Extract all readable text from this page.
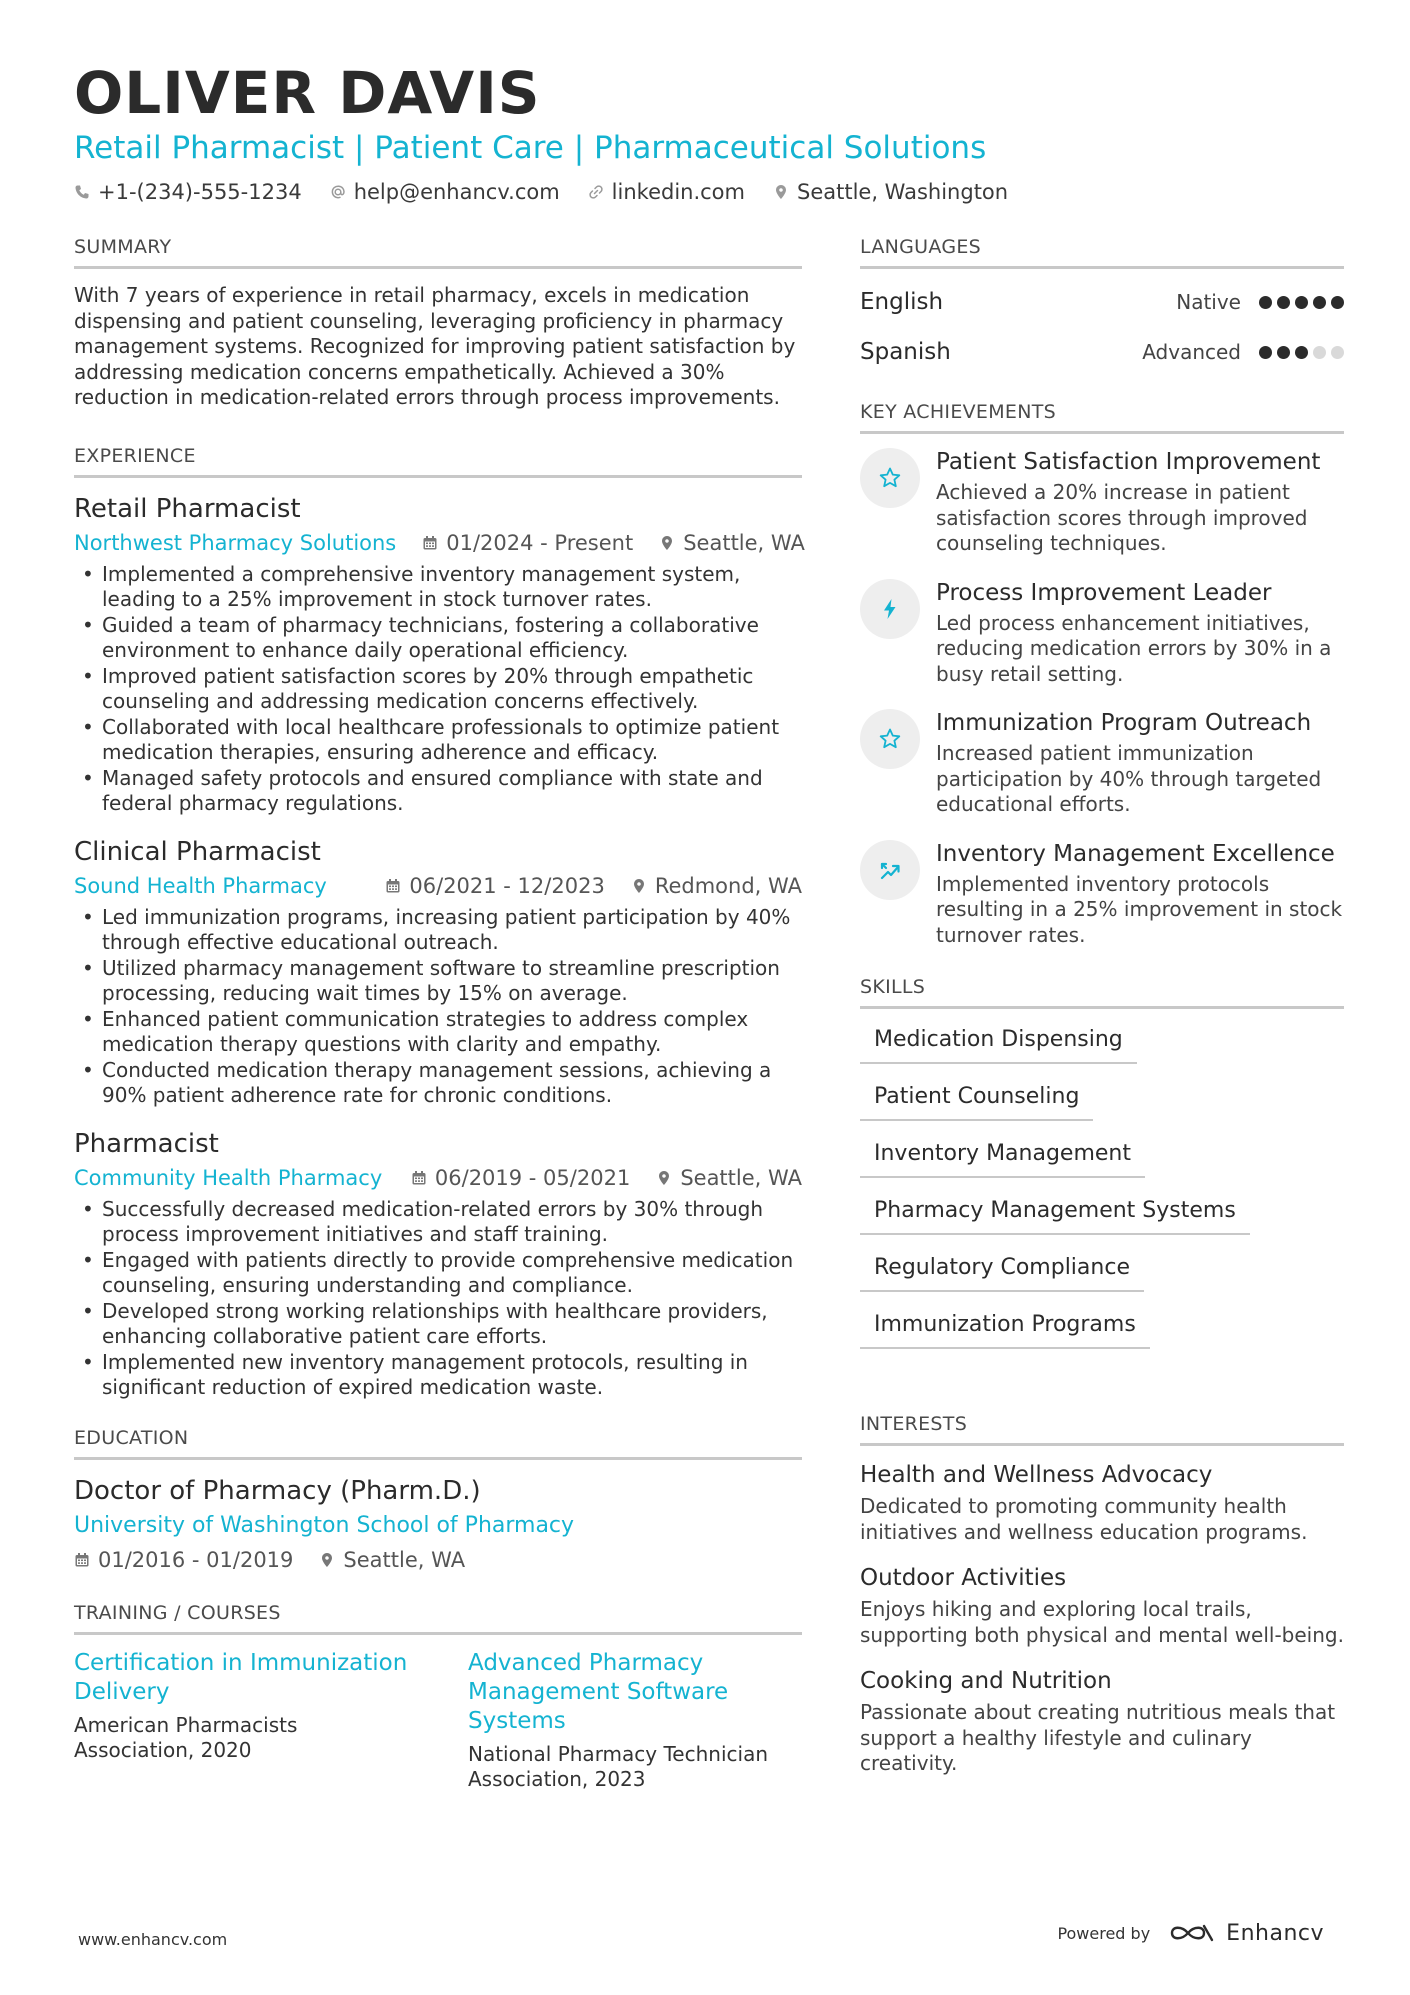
OLIVER DAVIS
Retail Pharmacist | Patient Care | Pharmaceutical Solutions
+1-(234)-555-1234 help@enhancv.com linkedin.com Seattle, Washington
SUMMARY
With 7 years of experience in retail pharmacy, excels in medication dispensing and patient counseling, leveraging proficiency in pharmacy management systems. Recognized for improving patient satisfaction by addressing medication concerns empathetically. Achieved a 30% reduction in medication-related errors through process improvements.
EXPERIENCE
Retail Pharmacist
Northwest Pharmacy Solutions 01/2024 - Present Seattle, WA
• Implemented a comprehensive inventory management system, leading to a 25% improvement in stock turnover rates.
• Guided a team of pharmacy technicians, fostering a collaborative environment to enhance daily operational efficiency.
• Improved patient satisfaction scores by 20% through empathetic counseling and addressing medication concerns effectively.
• Collaborated with local healthcare professionals to optimize patient medication therapies, ensuring adherence and efficacy.
• Managed safety protocols and ensured compliance with state and federal pharmacy regulations.
Clinical Pharmacist
Sound Health Pharmacy	06/2021 - 12/2023 Redmond, WA
• Led immunization programs, increasing patient participation by 40% through effective educational outreach.
• Utilized pharmacy management software to streamline prescription processing, reducing wait times by 15% on average.
• Enhanced patient communication strategies to address complex medication therapy questions with clarity and empathy.
• Conducted medication therapy management sessions, achieving a 90% patient adherence rate for chronic conditions.
Pharmacist
Community Health Pharmacy	06/2019 - 05/2021 Seattle, WA
• Successfully decreased medication-related errors by 30% through process improvement initiatives and staff training.
• Engaged with patients directly to provide comprehensive medication counseling, ensuring understanding and compliance.
• Developed strong working relationships with healthcare providers, enhancing collaborative patient care efforts.
• Implemented new inventory management protocols, resulting in significant reduction of expired medication waste.
EDUCATION
Doctor of Pharmacy (Pharm.D.)
University of Washington School of Pharmacy
01/2016 - 01/2019 Seattle, WA
TRAINING / COURSES
Certification in Immunization Delivery
American Pharmacists Association, 2020
Advanced Pharmacy Management Software Systems
National Pharmacy Technician Association, 2023
LANGUAGES
English	Native
Spanish	Advanced
KEY ACHIEVEMENTS
Patient Satisfaction Improvement
Achieved a 20% increase in patient satisfaction scores through improved counseling techniques.
Process Improvement Leader
Led process enhancement initiatives, reducing medication errors by 30% in a busy retail setting.
Immunization Program Outreach
Increased patient immunization participation by 40% through targeted educational efforts.
Inventory Management Excellence
Implemented inventory protocols resulting in a 25% improvement in stock turnover rates.
SKILLS
Medication Dispensing
Patient Counseling
Inventory Management
Pharmacy Management Systems
Regulatory Compliance
Immunization Programs
INTERESTS
Health and Wellness Advocacy
Dedicated to promoting community health initiatives and wellness education programs.
Outdoor Activities
Enjoys hiking and exploring local trails, supporting both physical and mental well-being.
Cooking and Nutrition
Passionate about creating nutritious meals that support a healthy lifestyle and culinary creativity.
www.enhancv.com	Powered by	Enhancv
